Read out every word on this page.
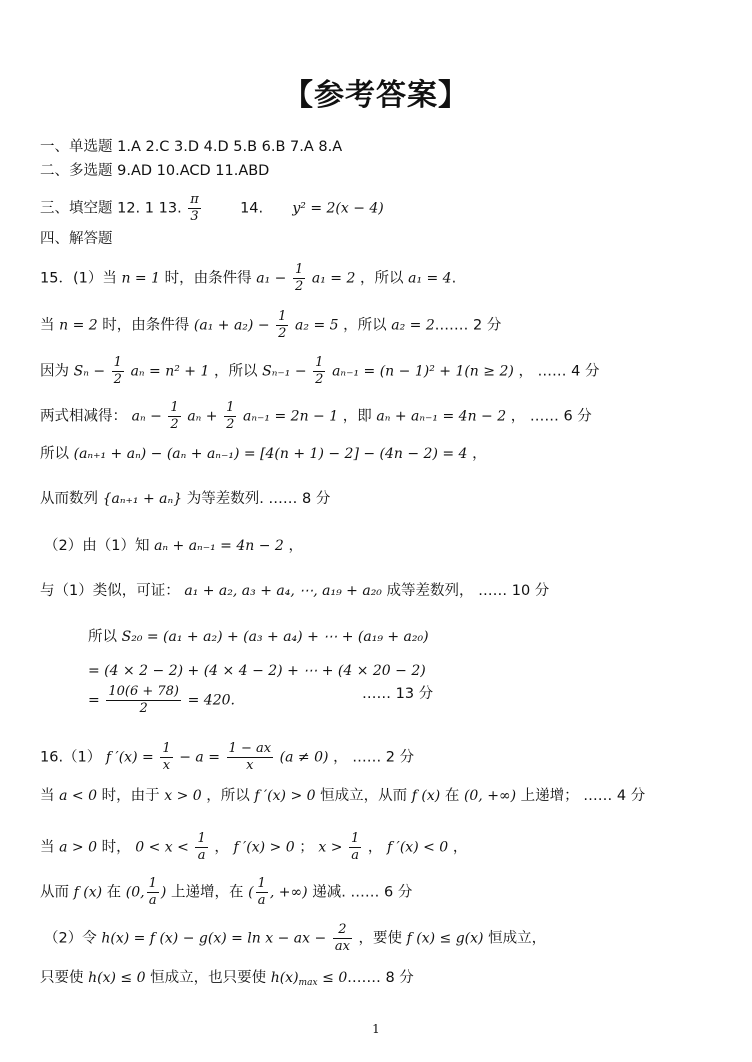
【参考答案】
一、单选题 1.A 2.C 3.D 4.D 5.B 6.B 7.A 8.A
二、多选题 9.AD 10.ACD 11.ABD
三、填空题 12. 1 13. $\frac{\pi}{3}$	14. y² = 2(x − 4)
四、解答题
15．(1）当 n = 1 时，由条件得 $a_1 - \frac{1}{2} a_1 = 2$ ，所以 a₁ = 4.
当 n = 2 时，由条件得 $(a_1 + a_2) - \frac{1}{2} a_2 = 5$ ，所以 a₂ = 2.…… 2 分
因为 $S_n - \frac{1}{2}$ aₙ = n² + 1 ，所以 $S_{n-1} - \frac{1}{2} a_{n-1} = (n - 1)^2 + 1(n \ge 2)$ ， …… 4 分
两式相减得： $a_n - \frac{1}{2}$ $a_n + \frac{1}{2} a_{n-1} = 2n - 1$ ，即 aₙ + aₙ₋₁ = 4n − 2 ， …… 6 分
所以 (aₙ₊₁ + aₙ) − (aₙ + aₙ₋₁) = [4(n + 1) − 2] − (4n − 2) = 4 ，
从而数列 {aₙ₊₁ + aₙ} 为等差数列. …… 8 分
（2）由（1）知 aₙ + aₙ₋₁ = 4n − 2 ，
与（1）类似，可证： a₁ + a₂, a₃ + a₄, ⋯, a₁₉ + a₂₀ 成等差数列， …… 10 分
所以 S₂₀ = (a₁ + a₂) + (a₃ + a₄) + ⋯ + (a₁₉ + a₂₀)
= (4 × 2 − 2) + (4 × 4 − 2) + ⋯ + (4 × 20 − 2)
= $\frac{10(6 + 78)}{2} = 420$.	…… 13 分
16.（1） f $'(x) = \frac{1}{x} - a = \frac{1 - ax}{x} (a \ne 0)$ ， …… 2 分
当 a < 0 时，由于 x > 0 ，所以 f ′(x) > 0 恒成立，从而 f (x) 在 (0, +∞) 上递增； …… 4 分
当 a > 0 时， $0 < x < \frac{1}{a}$ ， f ′(x) > 0 ； $x > \frac{1}{a}$ ， f ′(x) < 0 ，
从而 f (x) 在 (0, $\frac{1}{a}$ ) 上递增，在 ( $\frac{1}{a}$ , +∞) 递减. …… 6 分
（2）令 h(x) = f (x) − g(x) = ln x − ax − $\frac{2}{ax}$ ，要使 f (x) ≤ g(x) 恒成立，
只要使 h(x) ≤ 0 恒成立，也只要使 $h(x)_{max}$ ≤ 0.…… 8 分
1
